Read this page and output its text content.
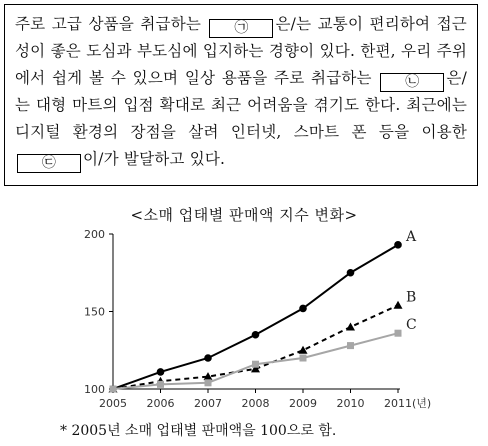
주로 고급 상품을 취급하는 ㉠ 은/는 교통이 편리하여 접근성이 좋은 도심과 부도심에 입지하는 경향이 있다. 한편, 우리 주위에서 쉽게 볼 수 있으며 일상 용품을 주로 취급하는 ㉡ 은/는 대형 마트의 입점 확대로 최근 어려움을 겪기도 한다. 최근에는 디지털 환경의 장점을 살려 인터넷, 스마트 폰 등을 이용한 ㉢ 이/가 발달하고 있다.
<소매 업태별 판매액 지수 변화>
100
150
200
2005 2006 2007 2008 2009 2010 2011 (년)
A
B
C
* 2005년 소매 업태별 판매액을 100으로 함.
